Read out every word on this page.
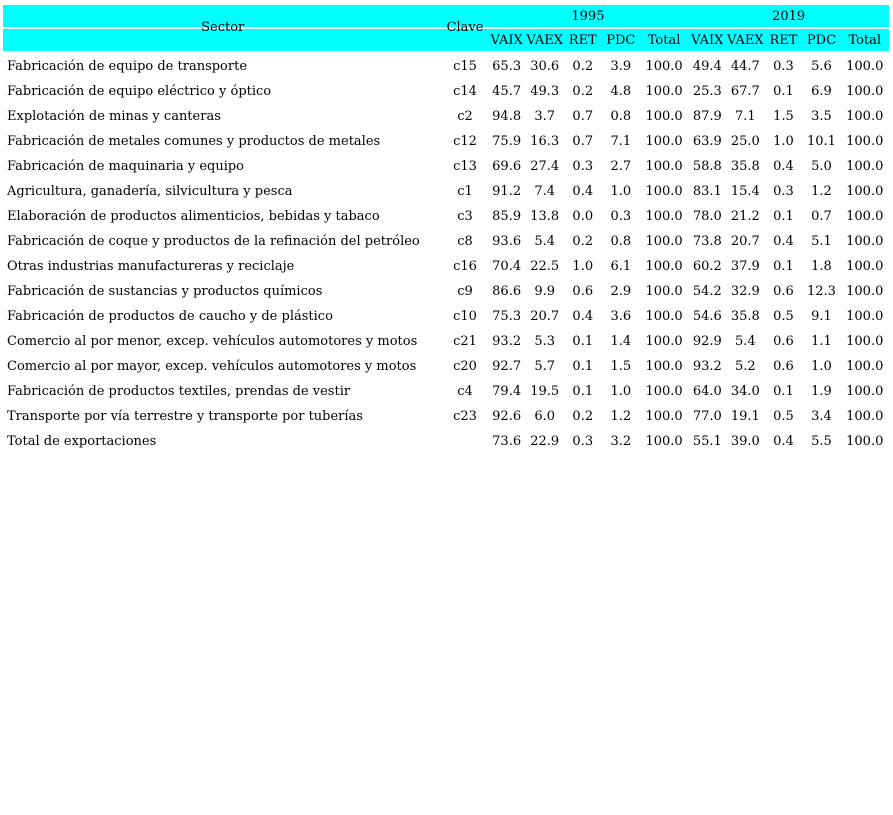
Sector	Clave	1995					2019				
		VAIX	VAEX	RET	PDC	Total	VAIX	VAEX	RET	PDC	Total
Fabricación de equipo de transporte	c15	65.3	30.6	0.2	3.9	100.0	49.4	44.7	0.3	5.6	100.0
Fabricación de equipo eléctrico y óptico	c14	45.7	49.3	0.2	4.8	100.0	25.3	67.7	0.1	6.9	100.0
Explotación de minas y canteras	c2	94.8	3.7	0.7	0.8	100.0	87.9	7.1	1.5	3.5	100.0
Fabricación de metales comunes y productos de metales	c12	75.9	16.3	0.7	7.1	100.0	63.9	25.0	1.0	10.1	100.0
Fabricación de maquinaria y equipo	c13	69.6	27.4	0.3	2.7	100.0	58.8	35.8	0.4	5.0	100.0
Agricultura, ganadería, silvicultura y pesca	c1	91.2	7.4	0.4	1.0	100.0	83.1	15.4	0.3	1.2	100.0
Elaboración de productos alimenticios, bebidas y tabaco	c3	85.9	13.8	0.0	0.3	100.0	78.0	21.2	0.1	0.7	100.0
Fabricación de coque y productos de la refinación del petróleo	c8	93.6	5.4	0.2	0.8	100.0	73.8	20.7	0.4	5.1	100.0
Otras industrias manufactureras y reciclaje	c16	70.4	22.5	1.0	6.1	100.0	60.2	37.9	0.1	1.8	100.0
Fabricación de sustancias y productos químicos	c9	86.6	9.9	0.6	2.9	100.0	54.2	32.9	0.6	12.3	100.0
Fabricación de productos de caucho y de plástico	c10	75.3	20.7	0.4	3.6	100.0	54.6	35.8	0.5	9.1	100.0
Comercio al por menor, excep. vehículos automotores y motos	c21	93.2	5.3	0.1	1.4	100.0	92.9	5.4	0.6	1.1	100.0
Comercio al por mayor, excep. vehículos automotores y motos	c20	92.7	5.7	0.1	1.5	100.0	93.2	5.2	0.6	1.0	100.0
Fabricación de productos textiles, prendas de vestir	c4	79.4	19.5	0.1	1.0	100.0	64.0	34.0	0.1	1.9	100.0
Transporte por vía terrestre y transporte por tuberías	c23	92.6	6.0	0.2	1.2	100.0	77.0	19.1	0.5	3.4	100.0
Total de exportaciones		73.6	22.9	0.3	3.2	100.0	55.1	39.0	0.4	5.5	100.0
